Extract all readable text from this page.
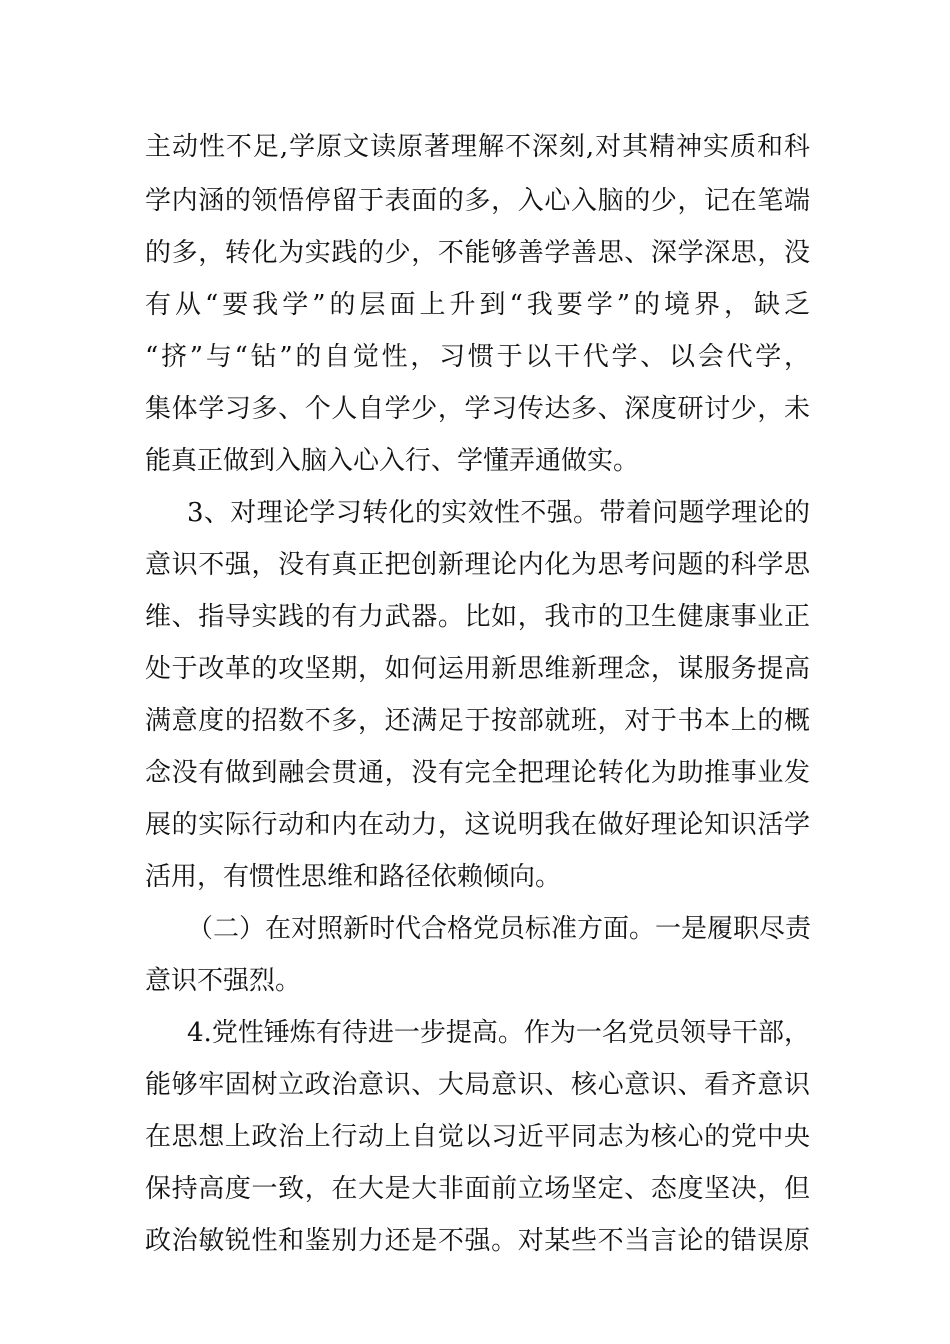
主动性不足,学原文读原著理解不深刻,对其精神实质和科
学内涵的领悟停留于表面的多，入心入脑的少，记在笔端
的多，转化为实践的少，不能够善学善思、深学深思，没
有从“要我学”的层面上升到“我要学”的境界，缺乏
“挤”与“钻”的自觉性，习惯于以干代学、以会代学，
集体学习多、个人自学少，学习传达多、深度研讨少，未
能真正做到入脑入心入行、学懂弄通做实。
3、对理论学习转化的实效性不强。带着问题学理论的
意识不强，没有真正把创新理论内化为思考问题的科学思
维、指导实践的有力武器。比如，我市的卫生健康事业正
处于改革的攻坚期，如何运用新思维新理念，谋服务提高
满意度的招数不多，还满足于按部就班，对于书本上的概
念没有做到融会贯通，没有完全把理论转化为助推事业发
展的实际行动和内在动力，这说明我在做好理论知识活学
活用，有惯性思维和路径依赖倾向。
（二）在对照新时代合格党员标准方面。一是履职尽责
意识不强烈。
4.党性锤炼有待进一步提高。作为一名党员领导干部，
能够牢固树立政治意识、大局意识、核心意识、看齐意识
在思想上政治上行动上自觉以习近平同志为核心的党中央
保持高度一致，在大是大非面前立场坚定、态度坚决，但
政治敏锐性和鉴别力还是不强。对某些不当言论的错误原
